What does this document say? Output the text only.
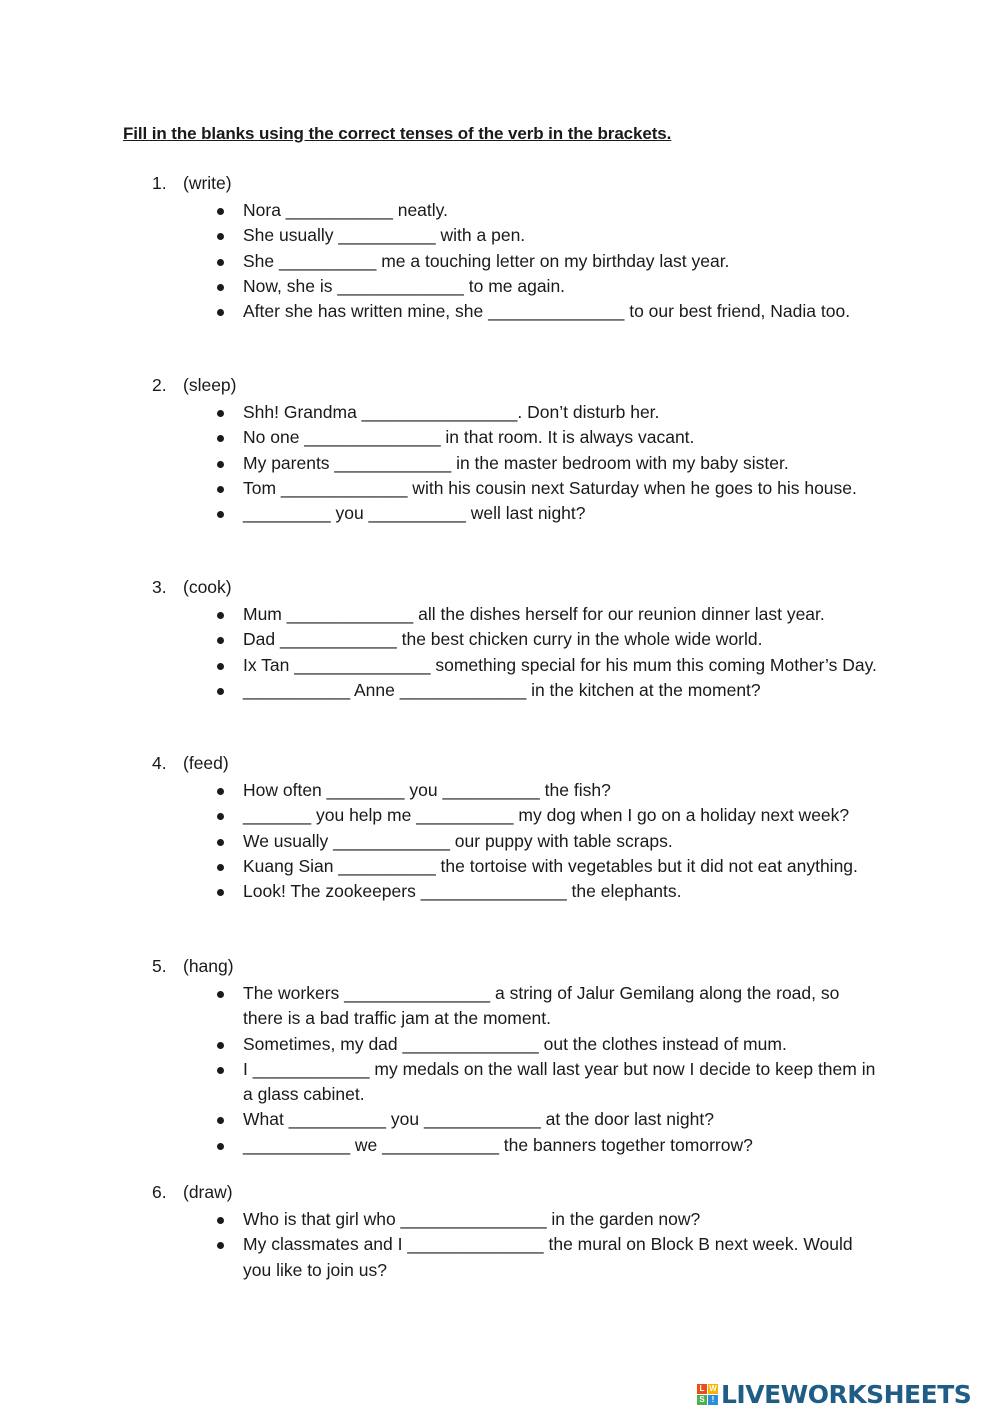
Fill in the blanks using the correct tenses of the verb in the brackets.
1. (write)
Nora ___________ neatly.
She usually __________ with a pen.
She __________ me a touching letter on my birthday last year.
Now, she is _____________ to me again.
After she has written mine, she ______________ to our best friend, Nadia too.
2. (sleep)
Shh! Grandma ________________. Don’t disturb her.
No one ______________ in that room. It is always vacant.
My parents ____________ in the master bedroom with my baby sister.
Tom _____________ with his cousin next Saturday when he goes to his house.
_________ you __________ well last night?
3. (cook)
Mum _____________ all the dishes herself for our reunion dinner last year.
Dad ____________ the best chicken curry in the whole wide world.
Ix Tan ______________ something special for his mum this coming Mother’s Day.
___________ Anne _____________ in the kitchen at the moment?
4. (feed)
How often ________ you __________ the fish?
_______ you help me __________ my dog when I go on a holiday next week?
We usually ____________ our puppy with table scraps.
Kuang Sian __________ the tortoise with vegetables but it did not eat anything.
Look! The zookeepers _______________ the elephants.
5. (hang)
The workers _______________ a string of Jalur Gemilang along the road, so there is a bad traffic jam at the moment.
Sometimes, my dad ______________ out the clothes instead of mum.
I ____________ my medals on the wall last year but now I decide to keep them in a glass cabinet.
What __________ you ____________ at the door last night?
___________ we ____________ the banners together tomorrow?
6. (draw)
Who is that girl who _______________ in the garden now?
My classmates and I ______________ the mural on Block B next week. Would you like to join us?
L W
S ! LIVEWORKSHEETS
